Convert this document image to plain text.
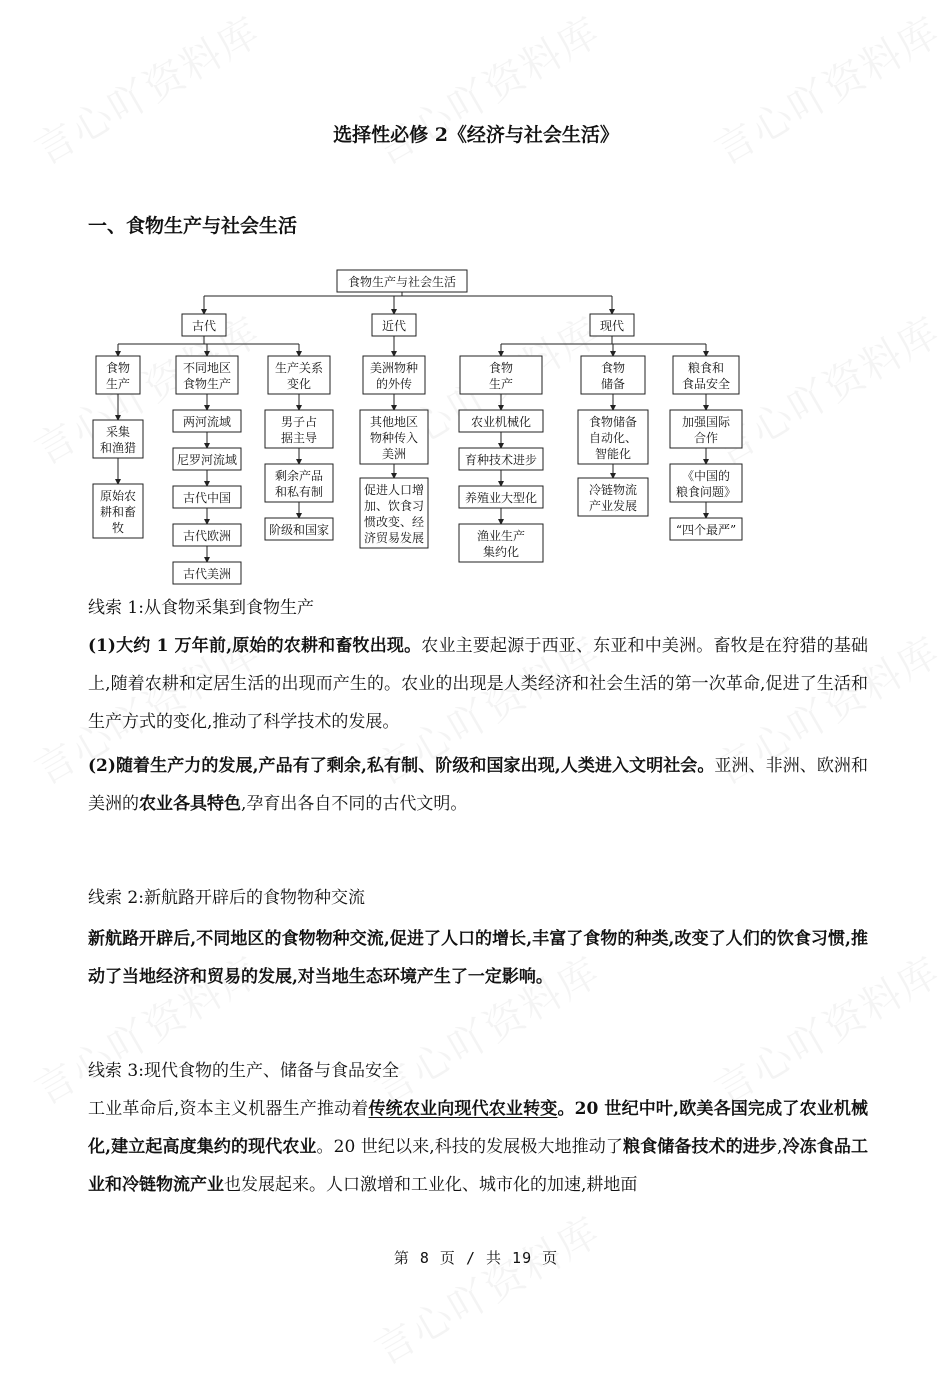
选择性必修 2《经济与社会生活》
一、食物生产与社会生活
食物生产与社会生活
古代	近代	现代
食物
生产
采集
和渔猎
原始农
耕和畜
牧
不同地区
食物生产
两河流域
尼罗河流域
古代中国
古代欧洲
古代美洲
生产关系
变化
男子占
据主导
剩余产品
和私有制
阶级和国家
美洲物种
的外传
其他地区
物种传入
美洲
促进人口增
加、饮食习
惯改变、经
济贸易发展
食物
生产
农业机械化
育种技术进步
养殖业大型化
渔业生产
集约化
食物
储备
食物储备
自动化、
智能化
冷链物流
产业发展
粮食和
食品安全
加强国际
合作
《中国的
粮食问题》
“四个最严”
线索 1:从食物采集到食物生产
(1)大约 1 万年前,原始的农耕和畜牧出现。农业主要起源于西亚、东亚和中美洲。畜牧是在狩猎的基础上,随着农耕和定居生活的出现而产生的。农业的出现是人类经济和社会生活的第一次革命,促进了生活和生产方式的变化,推动了科学技术的发展。
(2)随着生产力的发展,产品有了剩余,私有制、阶级和国家出现,人类进入文明社会。亚洲、非洲、欧洲和美洲的农业各具特色,孕育出各自不同的古代文明。
线索 2:新航路开辟后的食物物种交流
新航路开辟后,不同地区的食物物种交流,促进了人口的增长,丰富了食物的种类,改变了人们的饮食习惯,推动了当地经济和贸易的发展,对当地生态环境产生了一定影响。
线索 3:现代食物的生产、储备与食品安全
工业革命后,资本主义机器生产推动着传统农业向现代农业转变。20 世纪中叶,欧美各国完成了农业机械化,建立起高度集约的现代农业。20 世纪以来,科技的发展极大地推动了粮食储备技术的进步,冷冻食品工业和冷链物流产业也发展起来。人口激增和工业化、城市化的加速,耕地面
第 8 页 / 共 19 页
